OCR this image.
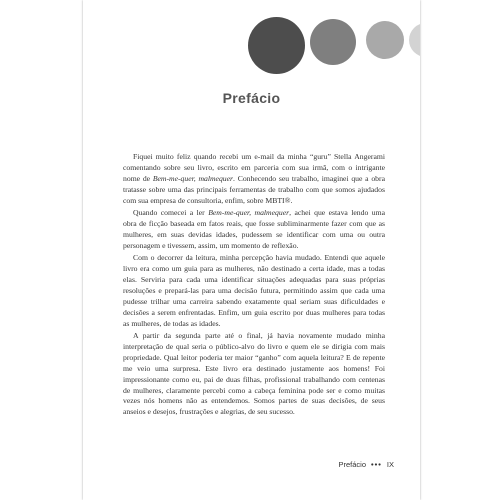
Prefácio

Fiquei muito feliz quando recebi um e-mail da minha “guru” Stella Angerami comentando sobre seu livro, escrito em parceria com sua irmã, com o intrigante nome de Bem-me-quer, malmequer. Conhecendo seu trabalho, imaginei que a obra tratasse sobre uma das principais ferramentas de trabalho com que somos ajudados com sua empresa de consultoria, enfim, sobre MBTI®.

Quando comecei a ler Bem-me-quer, malmequer, achei que estava lendo uma obra de ficção baseada em fatos reais, que fosse subliminarmente fazer com que as mulheres, em suas devidas idades, pudessem se identificar com uma ou outra personagem e tivessem, assim, um momento de reflexão.

Com o decorrer da leitura, minha percepção havia mudado. Entendi que aquele livro era como um guia para as mulheres, não destinado a certa idade, mas a todas elas. Serviria para cada uma identificar situações adequadas para suas próprias resoluções e prepará-las para uma decisão futura, permitindo assim que cada uma pudesse trilhar uma carreira sabendo exatamente qual seriam suas dificuldades e decisões a serem enfrentadas. Enfim, um guia escrito por duas mulheres para todas as mulheres, de todas as idades.

A partir da segunda parte até o final, já havia novamente mudado minha interpretação de qual seria o público-alvo do livro e quem ele se dirigia com mais propriedade. Qual leitor poderia ter maior “ganho” com aquela leitura? E de repente me veio uma surpresa. Este livro era destinado justamente aos homens! Foi impressionante como eu, pai de duas filhas, profissional trabalhando com centenas de mulheres, claramente percebi como a cabeça feminina pode ser e como muitas vezes nós homens não as entendemos. Somos partes de suas decisões, de seus anseios e desejos, frustrações e alegrias, de seu sucesso.

Prefácio ••• IX
